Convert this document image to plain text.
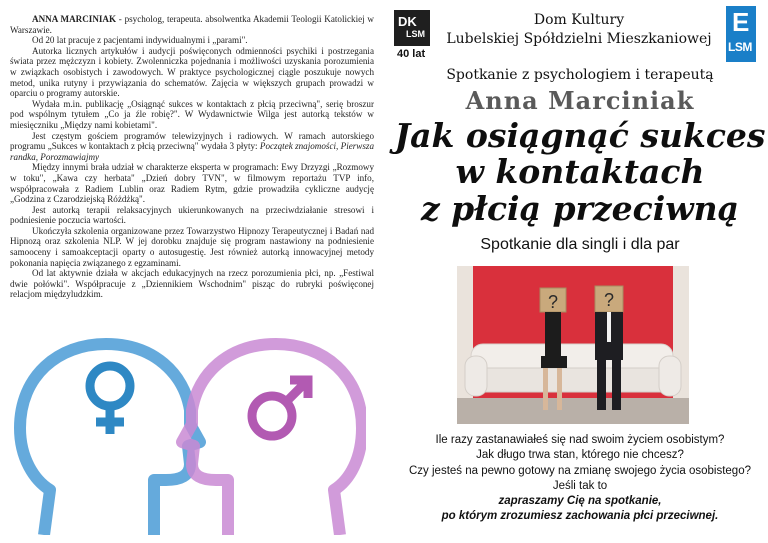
ANNA MARCINIAK - psycholog, terapeuta. absolwentka Akademii Teologii Katolickiej w Warszawie.

Od 20 lat pracuje z pacjentami indywidualnymi i „parami".

Autorka licznych artykułów i audycji poświęconych odmienności psychiki i postrzegania świata przez mężczyzn i kobiety. Zwolenniczka pojednania i możliwości uzyskania porozumienia w związkach osobistych i zawodowych. W praktyce psychologicznej ciągle poszukuje nowych metod, unika rutyny i przywiązania do schematów. Zajęcia w większych grupach prowadzi w oparciu o programy autorskie.

Wydała m.in. publikację „Osiągnąć sukces w kontaktach z płcią przeciwną", serię broszur pod wspólnym tytułem „Co ja źle robię?". W Wydawnictwie Wilga jest autorką tekstów w miesięczniku „Między nami kobietami".

Jest częstym gościem programów telewizyjnych i radiowych. W ramach autorskiego programu „Sukces w kontaktach z płcią przeciwną" wydała 3 płyty: Początek znajomości, Pierwsza randka, Porozmawiajmy

Między innymi brała udział w charakterze eksperta w programach: Ewy Drzyzgi „Rozmowy w toku", „Kawa czy herbata" „Dzień dobry TVN", w filmowym reportażu TVP info, współpracowała z Radiem Lublin oraz Radiem Rytm, gdzie prowadziła cykliczne audycję „Godzina z Czarodziejską Różdżką".

Jest autorką terapii relaksacyjnych ukierunkowanych na przeciwdziałanie stresowi i podniesienie poczucia wartości.

Ukończyła szkolenia organizowane przez Towarzystwo Hipnozy Terapeutycznej i Badań nad Hipnozą oraz szkolenia NLP. W jej dorobku znajduje się program nastawiony na podniesienie samooceny i samoakceptacji oparty o autosugestię. Jest również autorką innowacyjnej metody pokonania napięcia związanego z egzaminami.

Od lat aktywnie działa w akcjach edukacyjnych na rzecz porozumienia płci, np. „Festiwal dwie połówki". Współpracuje z „Dziennikiem Wschodnim" pisząc do rubryki poświęconej relacjom międzyludzkim.

DK
LSM
40 lat
Dom Kultury
Lubelskiej Spółdzielni Mieszkaniowej
E
LSM
Spotkanie z psychologiem i terapeutą
Anna Marciniak
Jak osiągnąć sukces
w kontaktach
z płcią przeciwną
Spotkanie dla singli i dla par
?	?
Ile razy zastanawiałeś się nad swoim życiem osobistym?
Jak długo trwa stan, którego nie chcesz?
Czy jesteś na pewno gotowy na zmianę swojego życia osobistego?
Jeśli tak to
zapraszamy Cię na spotkanie,
po którym zrozumiesz zachowania płci przeciwnej.
